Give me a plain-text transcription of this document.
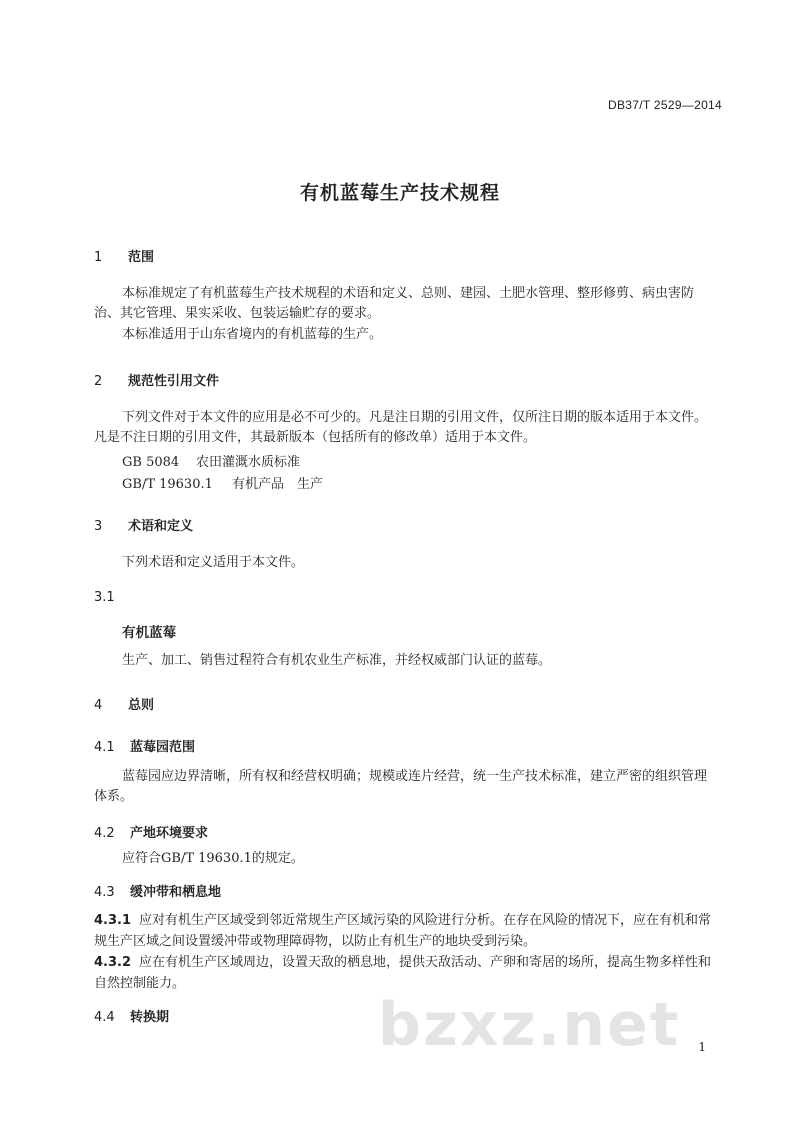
DB37/T 2529—2014
有机蓝莓生产技术规程
1 范围
本标准规定了有机蓝莓生产技术规程的术语和定义、总则、建园、土肥水管理、整形修剪、病虫害防治、其它管理、果实采收、包装运输贮存的要求。
本标准适用于山东省境内的有机蓝莓的生产。
2 规范性引用文件
下列文件对于本文件的应用是必不可少的。凡是注日期的引用文件，仅所注日期的版本适用于本文件。凡是不注日期的引用文件，其最新版本（包括所有的修改单）适用于本文件。
GB 5084 农田灌溉水质标准
GB/T 19630.1 有机产品　生产
3 术语和定义
下列术语和定义适用于本文件。
3.1
有机蓝莓
生产、加工、销售过程符合有机农业生产标准，并经权威部门认证的蓝莓。
4 总则
4.1 蓝莓园范围
蓝莓园应边界清晰，所有权和经营权明确；规模或连片经营，统一生产技术标准，建立严密的组织管理体系。
4.2 产地环境要求
应符合GB/T 19630.1的规定。
4.3 缓冲带和栖息地
4.3.1 应对有机生产区域受到邻近常规生产区域污染的风险进行分析。在存在风险的情况下，应在有机和常规生产区域之间设置缓冲带或物理障碍物，以防止有机生产的地块受到污染。
4.3.2 应在有机生产区域周边，设置天敌的栖息地，提供天敌活动、产卵和寄居的场所，提高生物多样性和自然控制能力。
4.4 转换期	bzxz.net 1
